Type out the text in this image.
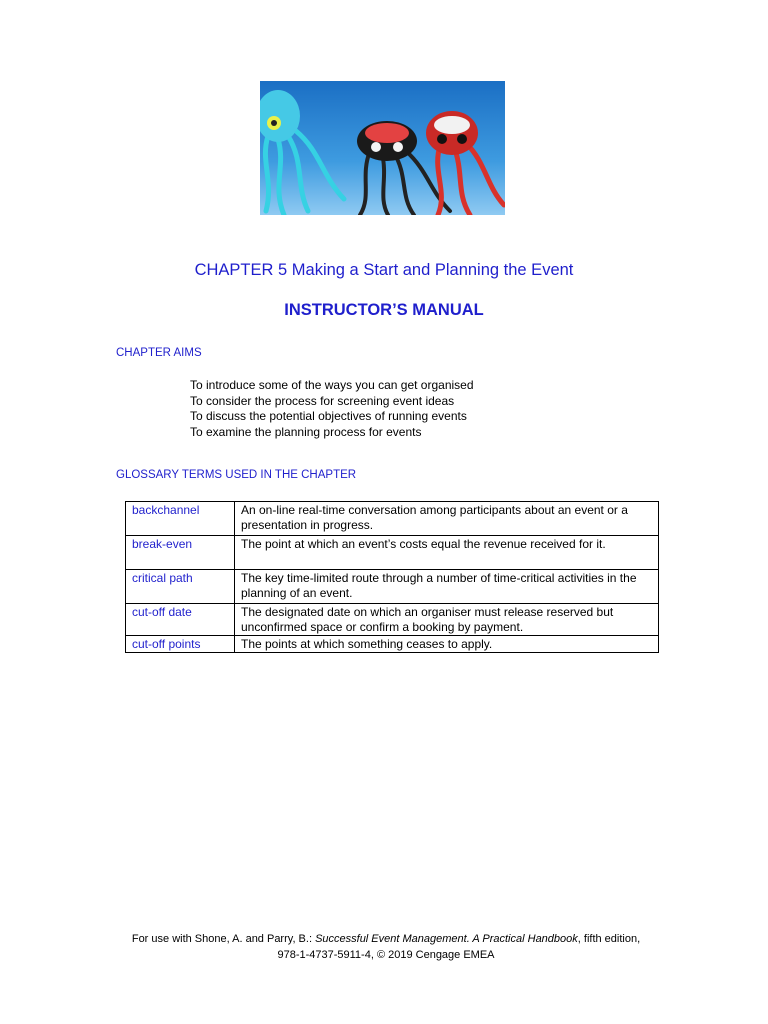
CHAPTER 5 Making a Start and Planning the Event
INSTRUCTOR’S MANUAL
CHAPTER AIMS
To introduce some of the ways you can get organised
To consider the process for screening event ideas
To discuss the potential objectives of running events
To examine the planning process for events
GLOSSARY TERMS USED IN THE CHAPTER
backchannel	An on-line real-time conversation among participants about an event or a presentation in progress.
break-even	The point at which an event’s costs equal the revenue received for it.
critical path	The key time-limited route through a number of time-critical activities in the planning of an event.
cut-off date	The designated date on which an organiser must release reserved but unconfirmed space or confirm a booking by payment.
cut-off points	The points at which something ceases to apply.
For use with Shone, A. and Parry, B.: Successful Event Management. A Practical Handbook, fifth edition,
978-1-4737-5911-4, © 2019 Cengage EMEA
